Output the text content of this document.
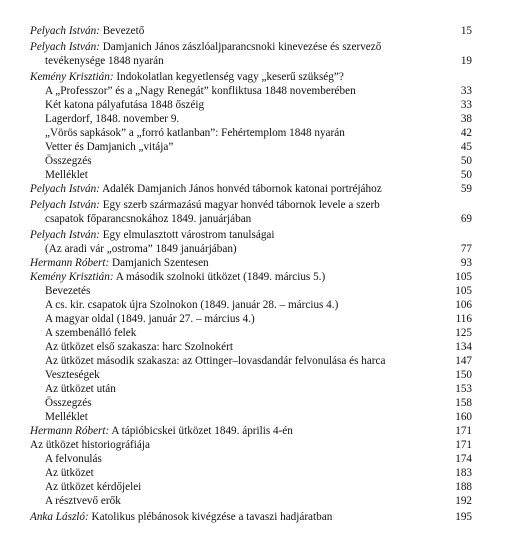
Pelyach István: Bevezető	15
Pelyach István: Damjanich János zászlóaljparancsnoki kinevezése és szervező
tevékenysége 1848 nyarán	19
Kemény Krisztián: Indokolatlan kegyetlenség vagy „keserű szükség”?
A „Professzor” és a „Nagy Renegát” konfliktusa 1848 novemberében	33
Két katona pályafutása 1848 őszéig	33
Lagerdorf, 1848. november 9.	38
„Vörös sapkások” a „forró katlanban”: Fehértemplom 1848 nyarán	42
Vetter és Damjanich „vitája”	45
Összegzés	50
Melléklet	50
Pelyach István: Adalék Damjanich János honvéd tábornok katonai portréjához	59
Pelyach István: Egy szerb származású magyar honvéd tábornok levele a szerb
csapatok főparancsnokához 1849. januárjában	69
Pelyach István: Egy elmulasztott várostrom tanulságai
(Az aradi vár „ostroma” 1849 januárjában)	77
Hermann Róbert: Damjanich Szentesen	93
Kemény Krisztián: A második szolnoki ütközet (1849. március 5.)	105
Bevezetés	105
A cs. kir. csapatok újra Szolnokon (1849. január 28. – március 4.)	106
A magyar oldal (1849. január 27. – március 4.)	116
A szembenálló felek	125
Az ütközet első szakasza: harc Szolnokért	134
Az ütközet második szakasza: az Ottinger–lovasdandár felvonulása és harca	147
Veszteségek	150
Az ütközet után	153
Összegzés	158
Melléklet	160
Hermann Róbert: A tápióbicskei ütközet 1849. április 4-én	171
Az ütközet historiográfiája	171
A felvonulás	174
Az ütközet	183
Az ütközet kérdőjelei	188
A résztvevő erők	192
Anka László: Katolikus plébánosok kivégzése a tavaszi hadjáratban	195
